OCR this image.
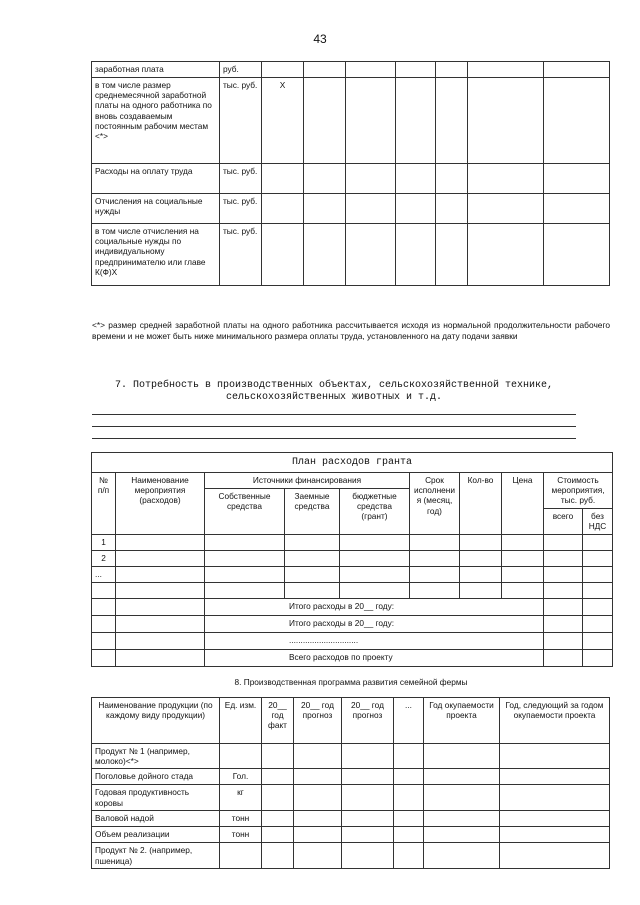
43
заработная плата	руб.							
в том числе размер среднемесячной заработной платы на одного работника по вновь создаваемым постоянным рабочим местам <*>	тыс. руб.	Х						
Расходы на оплату труда	тыс. руб.							
Отчисления на социальные нужды	тыс. руб.							
в том числе отчисления на социальные нужды по индивидуальному предпринимателю или главе К(Ф)Х	тыс. руб.							
<*> размер средней заработной платы на одного работника рассчитывается исходя из нормальной продолжительности рабочего времени и не может быть ниже минимального размера оплаты труда, установленного на дату подачи заявки
7. Потребность в производственных объектах, сельскохозяйственной технике,
сельскохозяйственных животных и т.д.
План расходов гранта									
№ п/п	Наименование мероприятия (расходов)	Источники финансирования			Срок исполнени я (месяц, год)	Кол-во	Цена	Стоимость мероприятия, тыс. руб.	
		Собственные средства	Заемные средства	бюджетные средства (грант)					
								всего	без НДС
1									
2									
...									

		Итого расходы в 20__ году:							
		Итого расходы в 20__ году:							
		..............................							
		Всего расходов по проекту							
8. Производственная программа развития семейной фермы
Наименование продукции (по каждому виду продукции)	Ед. изм.	20__ год факт	20__ год прогноз	20__ год прогноз	...	Год окупаемости проекта	Год, следующий за годом окупаемости проекта
Продукт № 1 (например, молоко)<*>							
Поголовье дойного стада	Гол.						
Годовая продуктивность коровы	кг						
Валовой надой	тонн						
Объем реализации	тонн						
Продукт № 2. (например, пшеница)							
